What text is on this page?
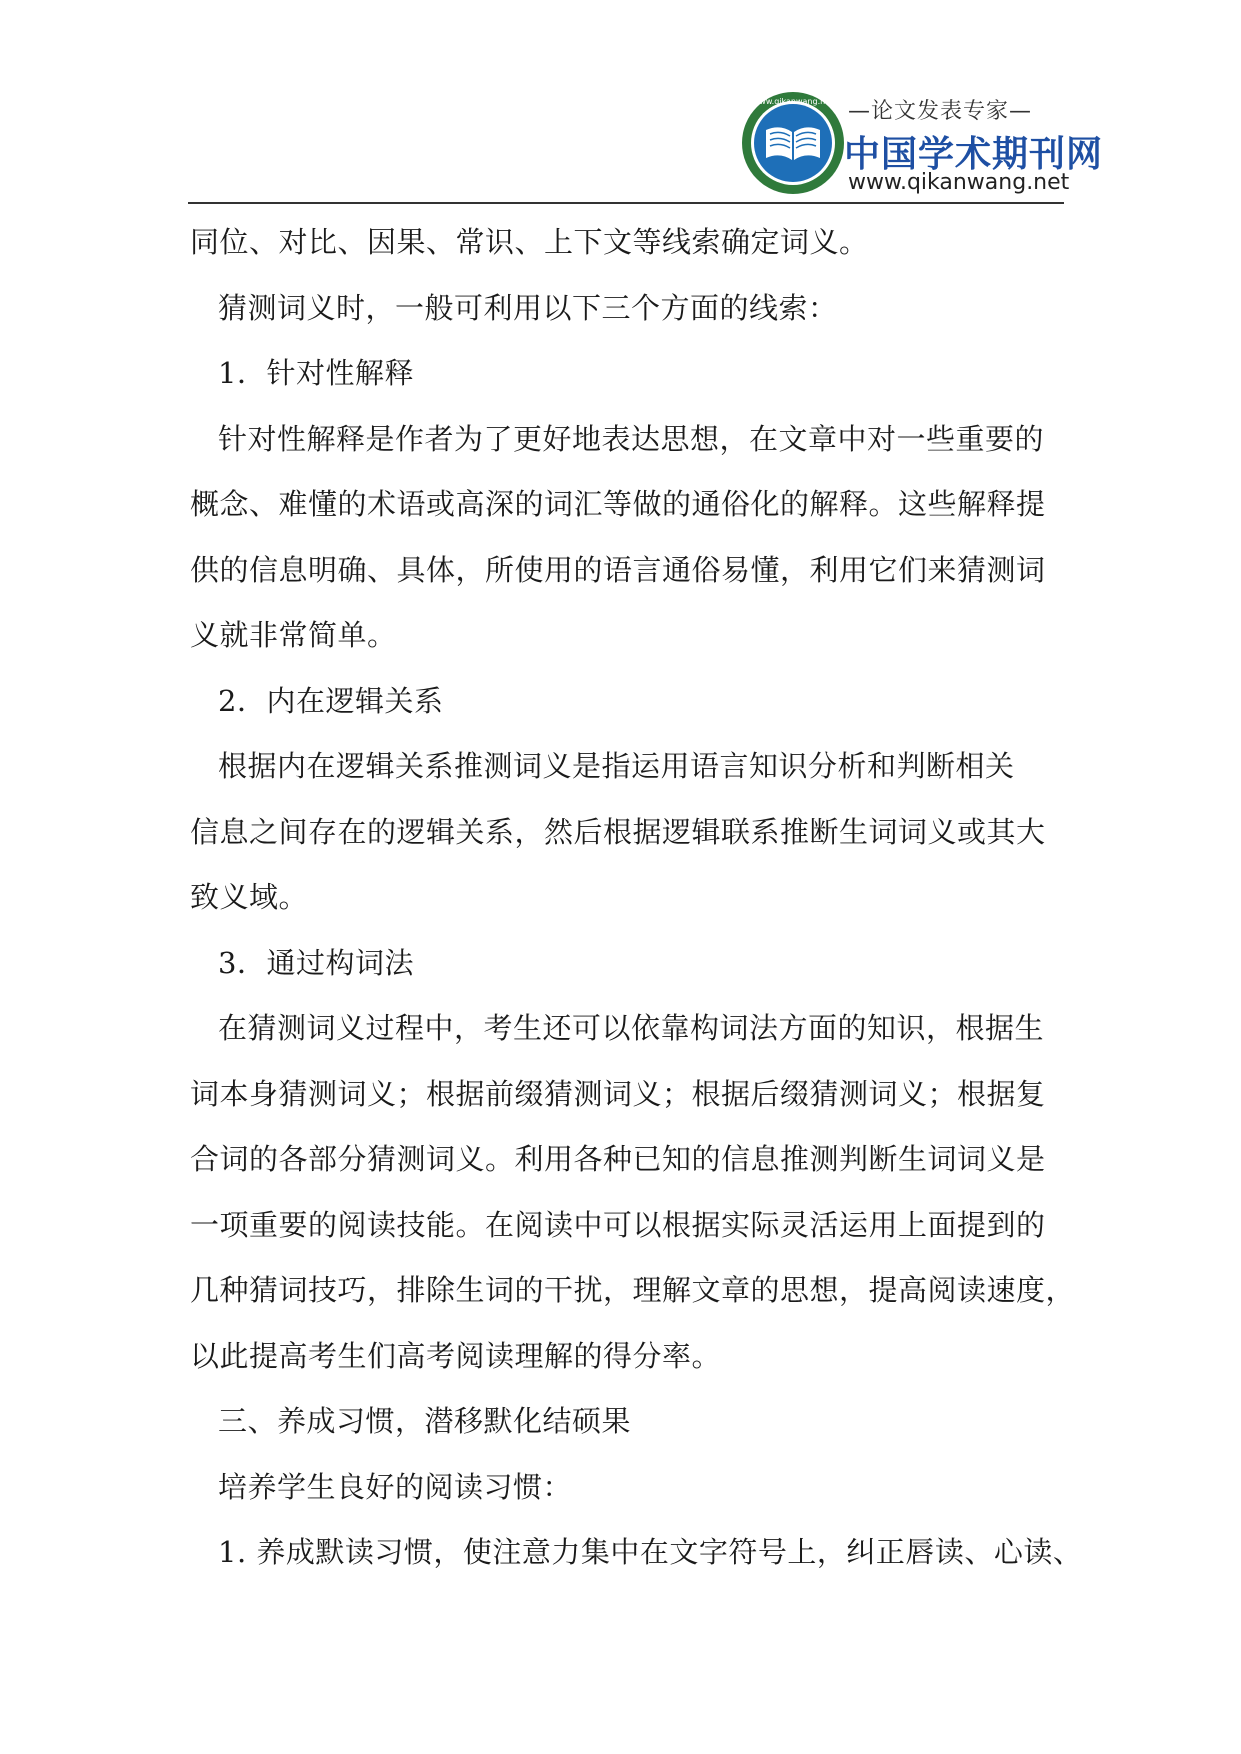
www.qikanwang.net —论文发表专家—
中国学术期刊网
www.qikanwang.net
同位、对比、因果、常识、上下文等线索确定词义。
猜测词义时，一般可利用以下三个方面的线索：
1．针对性解释
针对性解释是作者为了更好地表达思想，在文章中对一些重要的
概念、难懂的术语或高深的词汇等做的通俗化的解释。这些解释提
供的信息明确、具体，所使用的语言通俗易懂，利用它们来猜测词
义就非常简单。
2．内在逻辑关系
根据内在逻辑关系推测词义是指运用语言知识分析和判断相关
信息之间存在的逻辑关系，然后根据逻辑联系推断生词词义或其大
致义域。
3．通过构词法
在猜测词义过程中，考生还可以依靠构词法方面的知识，根据生
词本身猜测词义；根据前缀猜测词义；根据后缀猜测词义；根据复
合词的各部分猜测词义。利用各种已知的信息推测判断生词词义是
一项重要的阅读技能。在阅读中可以根据实际灵活运用上面提到的
几种猜词技巧，排除生词的干扰，理解文章的思想，提高阅读速度，
以此提高考生们高考阅读理解的得分率。
三、养成习惯，潜移默化结硕果
培养学生良好的阅读习惯：
1. 养成默读习惯，使注意力集中在文字符号上，纠正唇读、心读、
